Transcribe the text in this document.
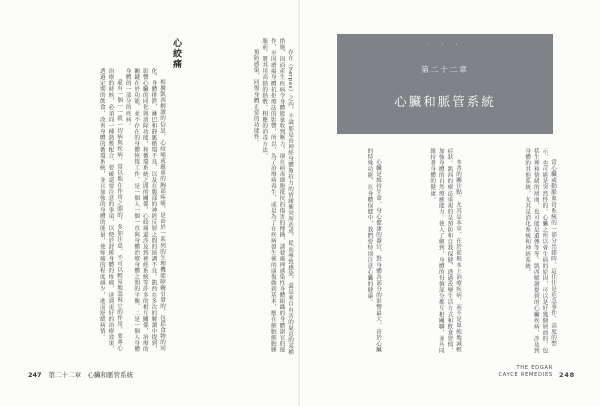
存在（herpes）之內，不論那是由神經身體甁抗力的情緒衝突所造成，從而導致感染，還是來自有害的氣息的某種措施，因而產生疾病令身體能量收到壓力，卻在病毒細胞抵抗的傷害的傳播，誘發處理感染性身體組織的身體器官的運作，至因瘡瘍身體抗拒療法的影響，所以，為了治療病毒生，或是為了在疾病發生後的康復做到基本，應在細胞細胞腫脹前，將其用高熱的熱敷，相應的消毒方法。

預防感染，同復身體正常的功能性。

心絞痛

根據凱西解讀的信息，心絞痛或嚴重的胸部疼痛，是由於一系列的生理機能障礙引發的，包括食物的同化、身體排泄，淋巴和靜脈循環不良，以及在腹部的神經反射之間的協調不良。凱西在多次的解讀中提到，影響心臟的同化與消除功能，和循環系統之間的關係，心絞痛還涉及到神經系統等許多的相互關係，治療的關鍵在於功能，並不存在的身體恢復工作，是一個人一個一直與身體治療身體之間的平衡，二是一個人身體身體的一部分的疾病。

還有一個一一就一切病與疾病，常以他在作用之間的，多加注意，不可以輕易地忽視它的作用，要專心治療的時候，必須同一種熱敷配合，要確認要注意的事項，以便於舒緩身體的疼痛，達到更好的治療效果，透過定期的飲食，改善身體的循環系統，並且加強的身體的能量，使疼痛的程度減少，進而舒緩病情。

247 第二十二章　心臟和脈管系統
· · ·
第二十二章
心臟和脈管系統

當心臟或動脈血管系統的一部分出錯時，這往往是危急事件、高度的警示，也可能是突然性的。心臟之所以會生病的原因，可以是好幾個層面的，包括生理和情緒的層面，也可能是遺傳等等。凱西解讀提到的心臟疾病，涉及到身體的其他系統，尤其是消化系統和神經系統。

本書的關注點，尤其是本章，在於從根本上治療疾病，而不是單純地減輕症狀。凱西的療法重視的是預防和自我保健，透過改變生活方式和飲食習慣，加強身體的自然療癒能力。使人了解到，身體的每個部分都互相關聯，並共同維持著身體的健康。

心臟是維持生命、身心健康的器官，對身體各部分的影響最大，由於心臟的特殊功能，在身體保健中，我們要特別注意心臟的健康。

THE EDGAR
CAYCE REMEDIES 248
